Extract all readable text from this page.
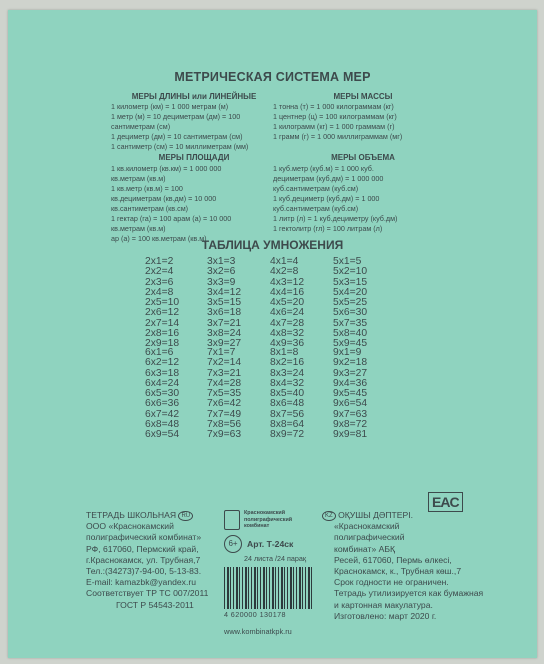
МЕТРИЧЕСКАЯ СИСТЕМА МЕР
МЕРЫ ДЛИНЫ или ЛИНЕЙНЫЕ
1 километр (км) = 1 000 метрам (м)
1 метр (м) = 10 дециметрам (дм) = 100
сантиметрам (см)
1 дециметр (дм) = 10 сантиметрам (см)
1 сантиметр (см) = 10 миллиметрам (мм)
МЕРЫ МАССЫ
1 тонна (т) = 1 000 килограммам (кг)
1 центнер (ц) = 100 килограммам (кг)
1 килограмм (кг) = 1 000 граммам (г)
1 грамм (г) = 1 000 миллиграммам (мг)
МЕРЫ ПЛОЩАДИ
1 кв.километр (кв.км) = 1 000 000
кв.метрам (кв.м)
1 кв.метр (кв.м) = 100
кв.дециметрам (кв.дм) = 10 000
кв.сантиметрам (кв.см)
1 гектар (га) = 100 арам (а) = 10 000
кв.метрам (кв.м)
ар (а) = 100 кв.метрам (кв.м)
МЕРЫ ОБЪЕМА
1 куб.метр (куб.м) = 1 000 куб.
дециметрам (куб.дм) = 1 000 000
куб.сантиметрам (куб.см)
1 куб.дециметр (куб.дм) = 1 000
куб.сантиметрам (куб.см)
1 литр (л) = 1 куб.дециметру (куб.дм)
1 гектолитр (гл) = 100 литрам (л)
ТАБЛИЦА УМНОЖЕНИЯ
2x1=2
2x2=4
2x3=6
2x4=8
2x5=10
2x6=12
2x7=14
2x8=16
2x9=18
3x1=3
3x2=6
3x3=9
3x4=12
3x5=15
3x6=18
3x7=21
3x8=24
3x9=27
4x1=4
4x2=8
4x3=12
4x4=16
4x5=20
4x6=24
4x7=28
4x8=32
4x9=36
5x1=5
5x2=10
5x3=15
5x4=20
5x5=25
5x6=30
5x7=35
5x8=40
5x9=45
6x1=6
6x2=12
6x3=18
6x4=24
6x5=30
6x6=36
6x7=42
6x8=48
6x9=54
7x1=7
7x2=14
7x3=21
7x4=28
7x5=35
7x6=42
7x7=49
7x8=56
7x9=63
8x1=8
8x2=16
8x3=24
8x4=32
8x5=40
8x6=48
8x7=56
8x8=64
8x9=72
9x1=9
9x2=18
9x3=27
9x4=36
9x5=45
9x6=54
9x7=63
9x8=72
9x9=81
ТЕТРАДЬ ШКОЛЬНАЯ RU
ООО «Краснокамский
полиграфический комбинат»
РФ, 617060, Пермский край,
г.Краснокамск, ул. Трубная,7
Тел.:(34273)7-94-00, 5-13-83.
E-mail: kamazbk@yandex.ru
Соответствует ТР ТС 007/2011
ГОСТ Р 54543-2011
Краснокамский полиграфический комбинат
6+	Арт. Т-24ск
24 листа /24 парақ
4 620000 130178
www.kombinatkpk.ru
KZ ОҚУШЫ ДӘПТЕРІ.
«Краснокамский
полиграфический
комбинат» АБҚ
Ресей, 617060, Пермь өлкесі,
Краснокамск, к., Трубная көш.,7
Срок годности не ограничен.
Тетрадь утилизируется как бумажная
и картонная макулатура.
Изготовлено: март 2020 г.
EAC
